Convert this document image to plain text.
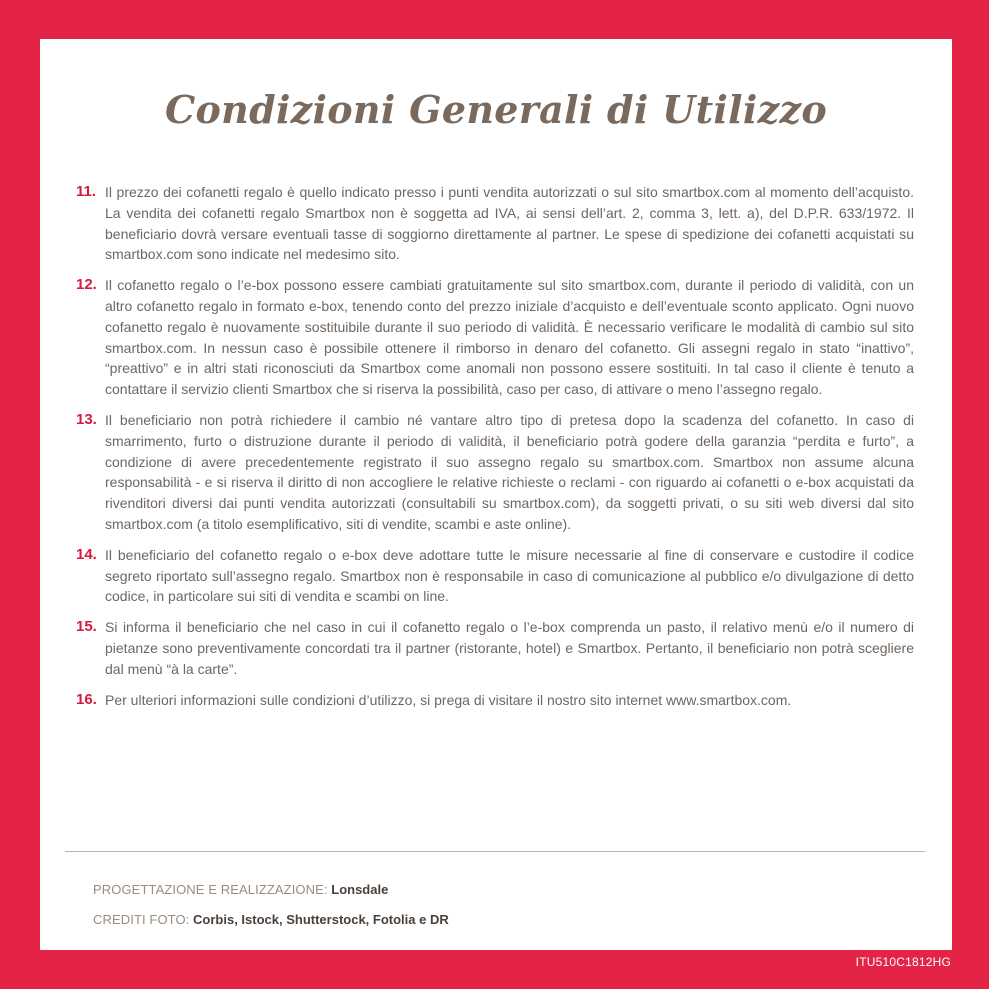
Condizioni Generali di Utilizzo
11. Il prezzo dei cofanetti regalo è quello indicato presso i punti vendita autorizzati o sul sito smartbox.com al momento dell’acquisto. La vendita dei cofanetti regalo Smartbox non è soggetta ad IVA, ai sensi dell’art. 2, comma 3, lett. a), del D.P.R. 633/1972. Il beneficiario dovrà versare eventuali tasse di soggiorno direttamente al partner. Le spese di spedizione dei cofanetti acquistati su smartbox.com sono indicate nel medesimo sito.
12. Il cofanetto regalo o l’e-box possono essere cambiati gratuitamente sul sito smartbox.com, durante il periodo di validità, con un altro cofanetto regalo in formato e-box, tenendo conto del prezzo iniziale d’acquisto e dell’eventuale sconto applicato. Ogni nuovo cofanetto regalo è nuovamente sostituibile durante il suo periodo di validità. È necessario verificare le modalità di cambio sul sito smartbox.com. In nessun caso è possibile ottenere il rimborso in denaro del cofanetto. Gli assegni regalo in stato “inattivo”, “preattivo” e in altri stati riconosciuti da Smartbox come anomali non possono essere sostituiti. In tal caso il cliente è tenuto a contattare il servizio clienti Smartbox che si riserva la possibilità, caso per caso, di attivare o meno l’assegno regalo.
13. Il beneficiario non potrà richiedere il cambio né vantare altro tipo di pretesa dopo la scadenza del cofanetto. In caso di smarrimento, furto o distruzione durante il periodo di validità, il beneficiario potrà godere della garanzia “perdita e furto”, a condizione di avere precedentemente registrato il suo assegno regalo su smartbox.com. Smartbox non assume alcuna responsabilità - e si riserva il diritto di non accogliere le relative richieste o reclami - con riguardo ai cofanetti o e-box acquistati da rivenditori diversi dai punti vendita autorizzati (consultabili su smartbox.com), da soggetti privati, o su siti web diversi dal sito smartbox.com (a titolo esemplificativo, siti di vendite, scambi e aste online).
14. Il beneficiario del cofanetto regalo o e-box deve adottare tutte le misure necessarie al fine di conservare e custodire il codice segreto riportato sull’assegno regalo. Smartbox non è responsabile in caso di comunicazione al pubblico e/o divulgazione di detto codice, in particolare sui siti di vendita e scambi on line.
15. Si informa il beneficiario che nel caso in cui il cofanetto regalo o l’e-box comprenda un pasto, il relativo menù e/o il numero di pietanze sono preventivamente concordati tra il partner (ristorante, hotel) e Smartbox. Pertanto, il beneficiario non potrà scegliere dal menù “à la carte”.
16. Per ulteriori informazioni sulle condizioni d’utilizzo, si prega di visitare il nostro sito internet www.smartbox.com.
PROGETTAZIONE E REALIZZAZIONE: Lonsdale
CREDITI FOTO: Corbis, Istock, Shutterstock, Fotolia e DR
ITU510C1812HG
